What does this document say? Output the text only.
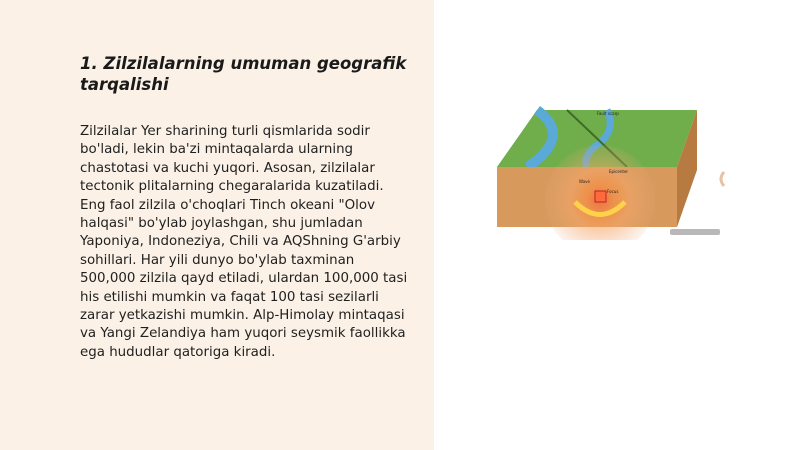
1. Zilzilalarning umuman geografik tarqalishi

Zilzilalar Yer sharining turli qismlarida sodir bo'ladi, lekin ba'zi mintaqalarda ularning chastotasi va kuchi yuqori. Asosan, zilzilalar tectonik plitalarning chegaralarida kuzatiladi. Eng faol zilzila o'choqlari Tinch okeani "Olov halqasi" bo'ylab joylashgan, shu jumladan Yaponiya, Indoneziya, Chili va AQShning G'arbiy sohillari. Har yili dunyo bo'ylab taxminan 500,000 zilzila qayd etiladi, ulardan 100,000 tasi his etilishi mumkin va faqat 100 tasi sezilarli zarar yetkazishi mumkin. Alp-Himolay mintaqasi va Yangi Zelandiya ham yuqori seysmik faollikka ega hududlar qatoriga kiradi.

Fault scarp
Epicenter
Wave
Focus
